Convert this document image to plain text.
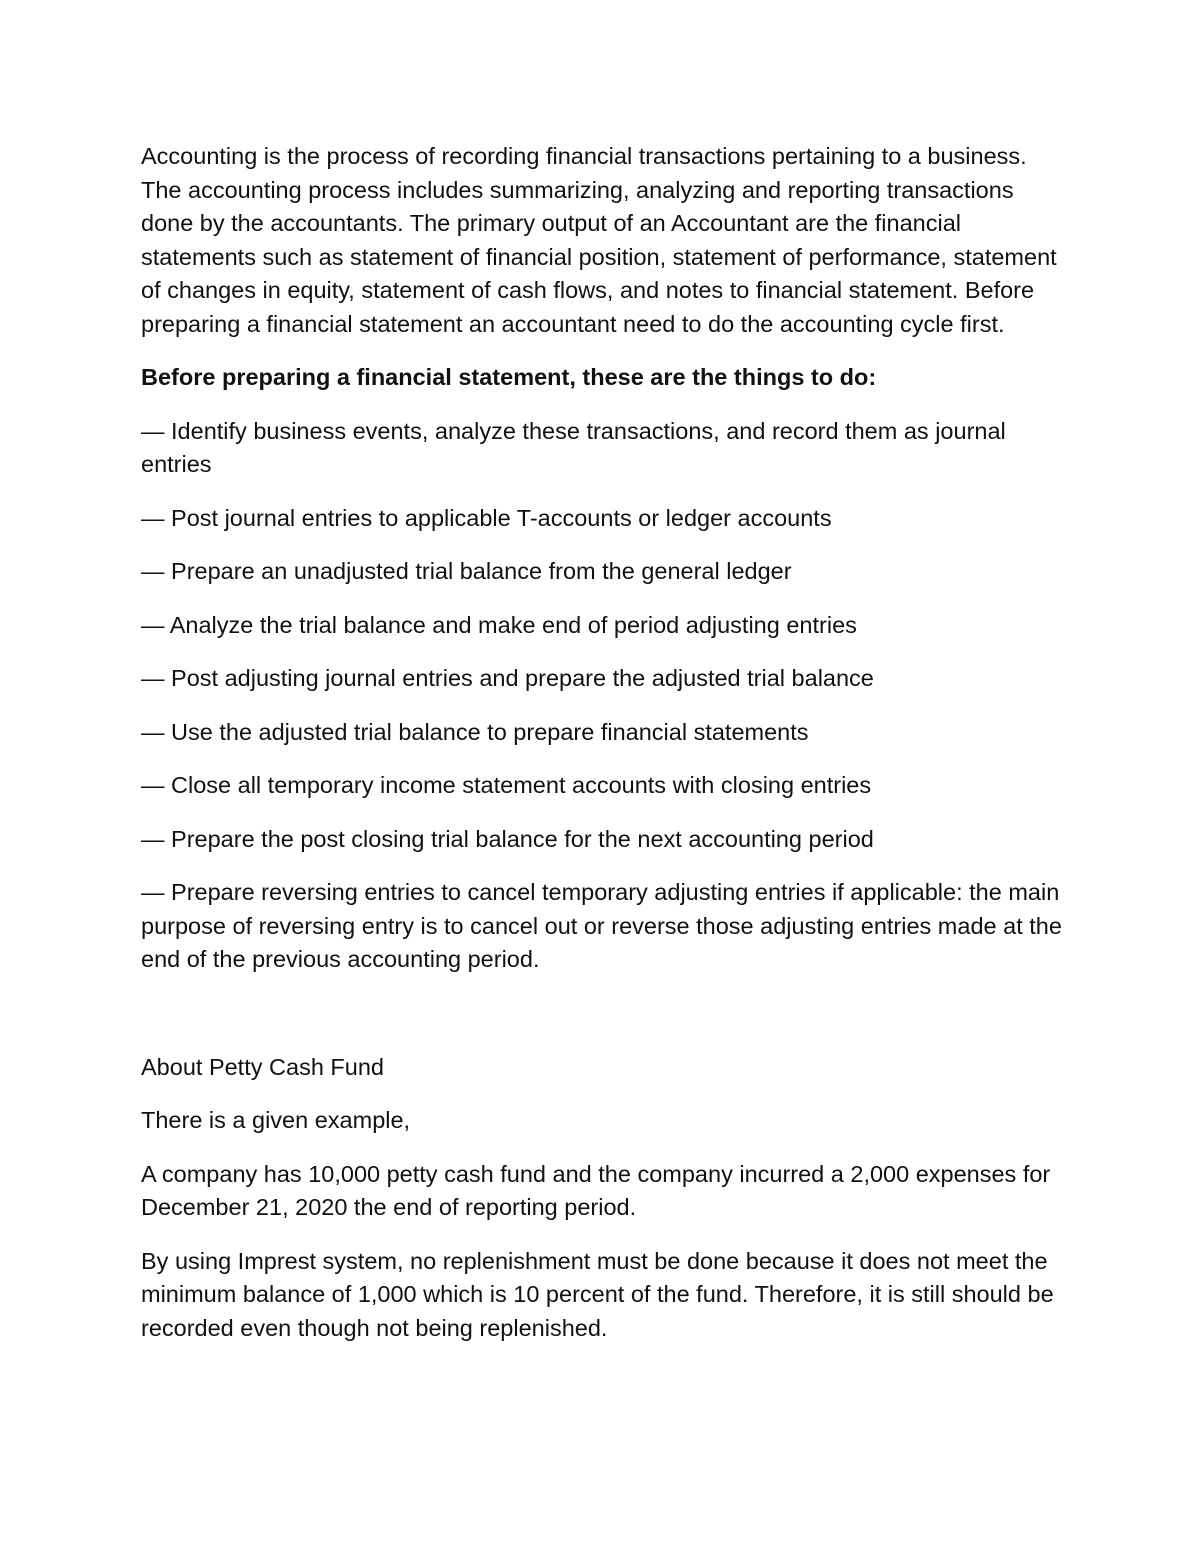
Accounting is the process of recording financial transactions pertaining to a business. The accounting process includes summarizing, analyzing and reporting transactions done by the accountants. The primary output of an Accountant are the financial statements such as statement of financial position, statement of performance, statement of changes in equity, statement of cash flows, and notes to financial statement. Before preparing a financial statement an accountant need to do the accounting cycle first.

Before preparing a financial statement, these are the things to do:

— Identify business events, analyze these transactions, and record them as journal entries

— Post journal entries to applicable T-accounts or ledger accounts

— Prepare an unadjusted trial balance from the general ledger

— Analyze the trial balance and make end of period adjusting entries

— Post adjusting journal entries and prepare the adjusted trial balance

— Use the adjusted trial balance to prepare financial statements

— Close all temporary income statement accounts with closing entries

— Prepare the post closing trial balance for the next accounting period

— Prepare reversing entries to cancel temporary adjusting entries if applicable: the main purpose of reversing entry is to cancel out or reverse those adjusting entries made at the end of the previous accounting period.

About Petty Cash Fund

There is a given example,

A company has 10,000 petty cash fund and the company incurred a 2,000 expenses for December 21, 2020 the end of reporting period.

By using Imprest system, no replenishment must be done because it does not meet the minimum balance of 1,000 which is 10 percent of the fund. Therefore, it is still should be recorded even though not being replenished.
